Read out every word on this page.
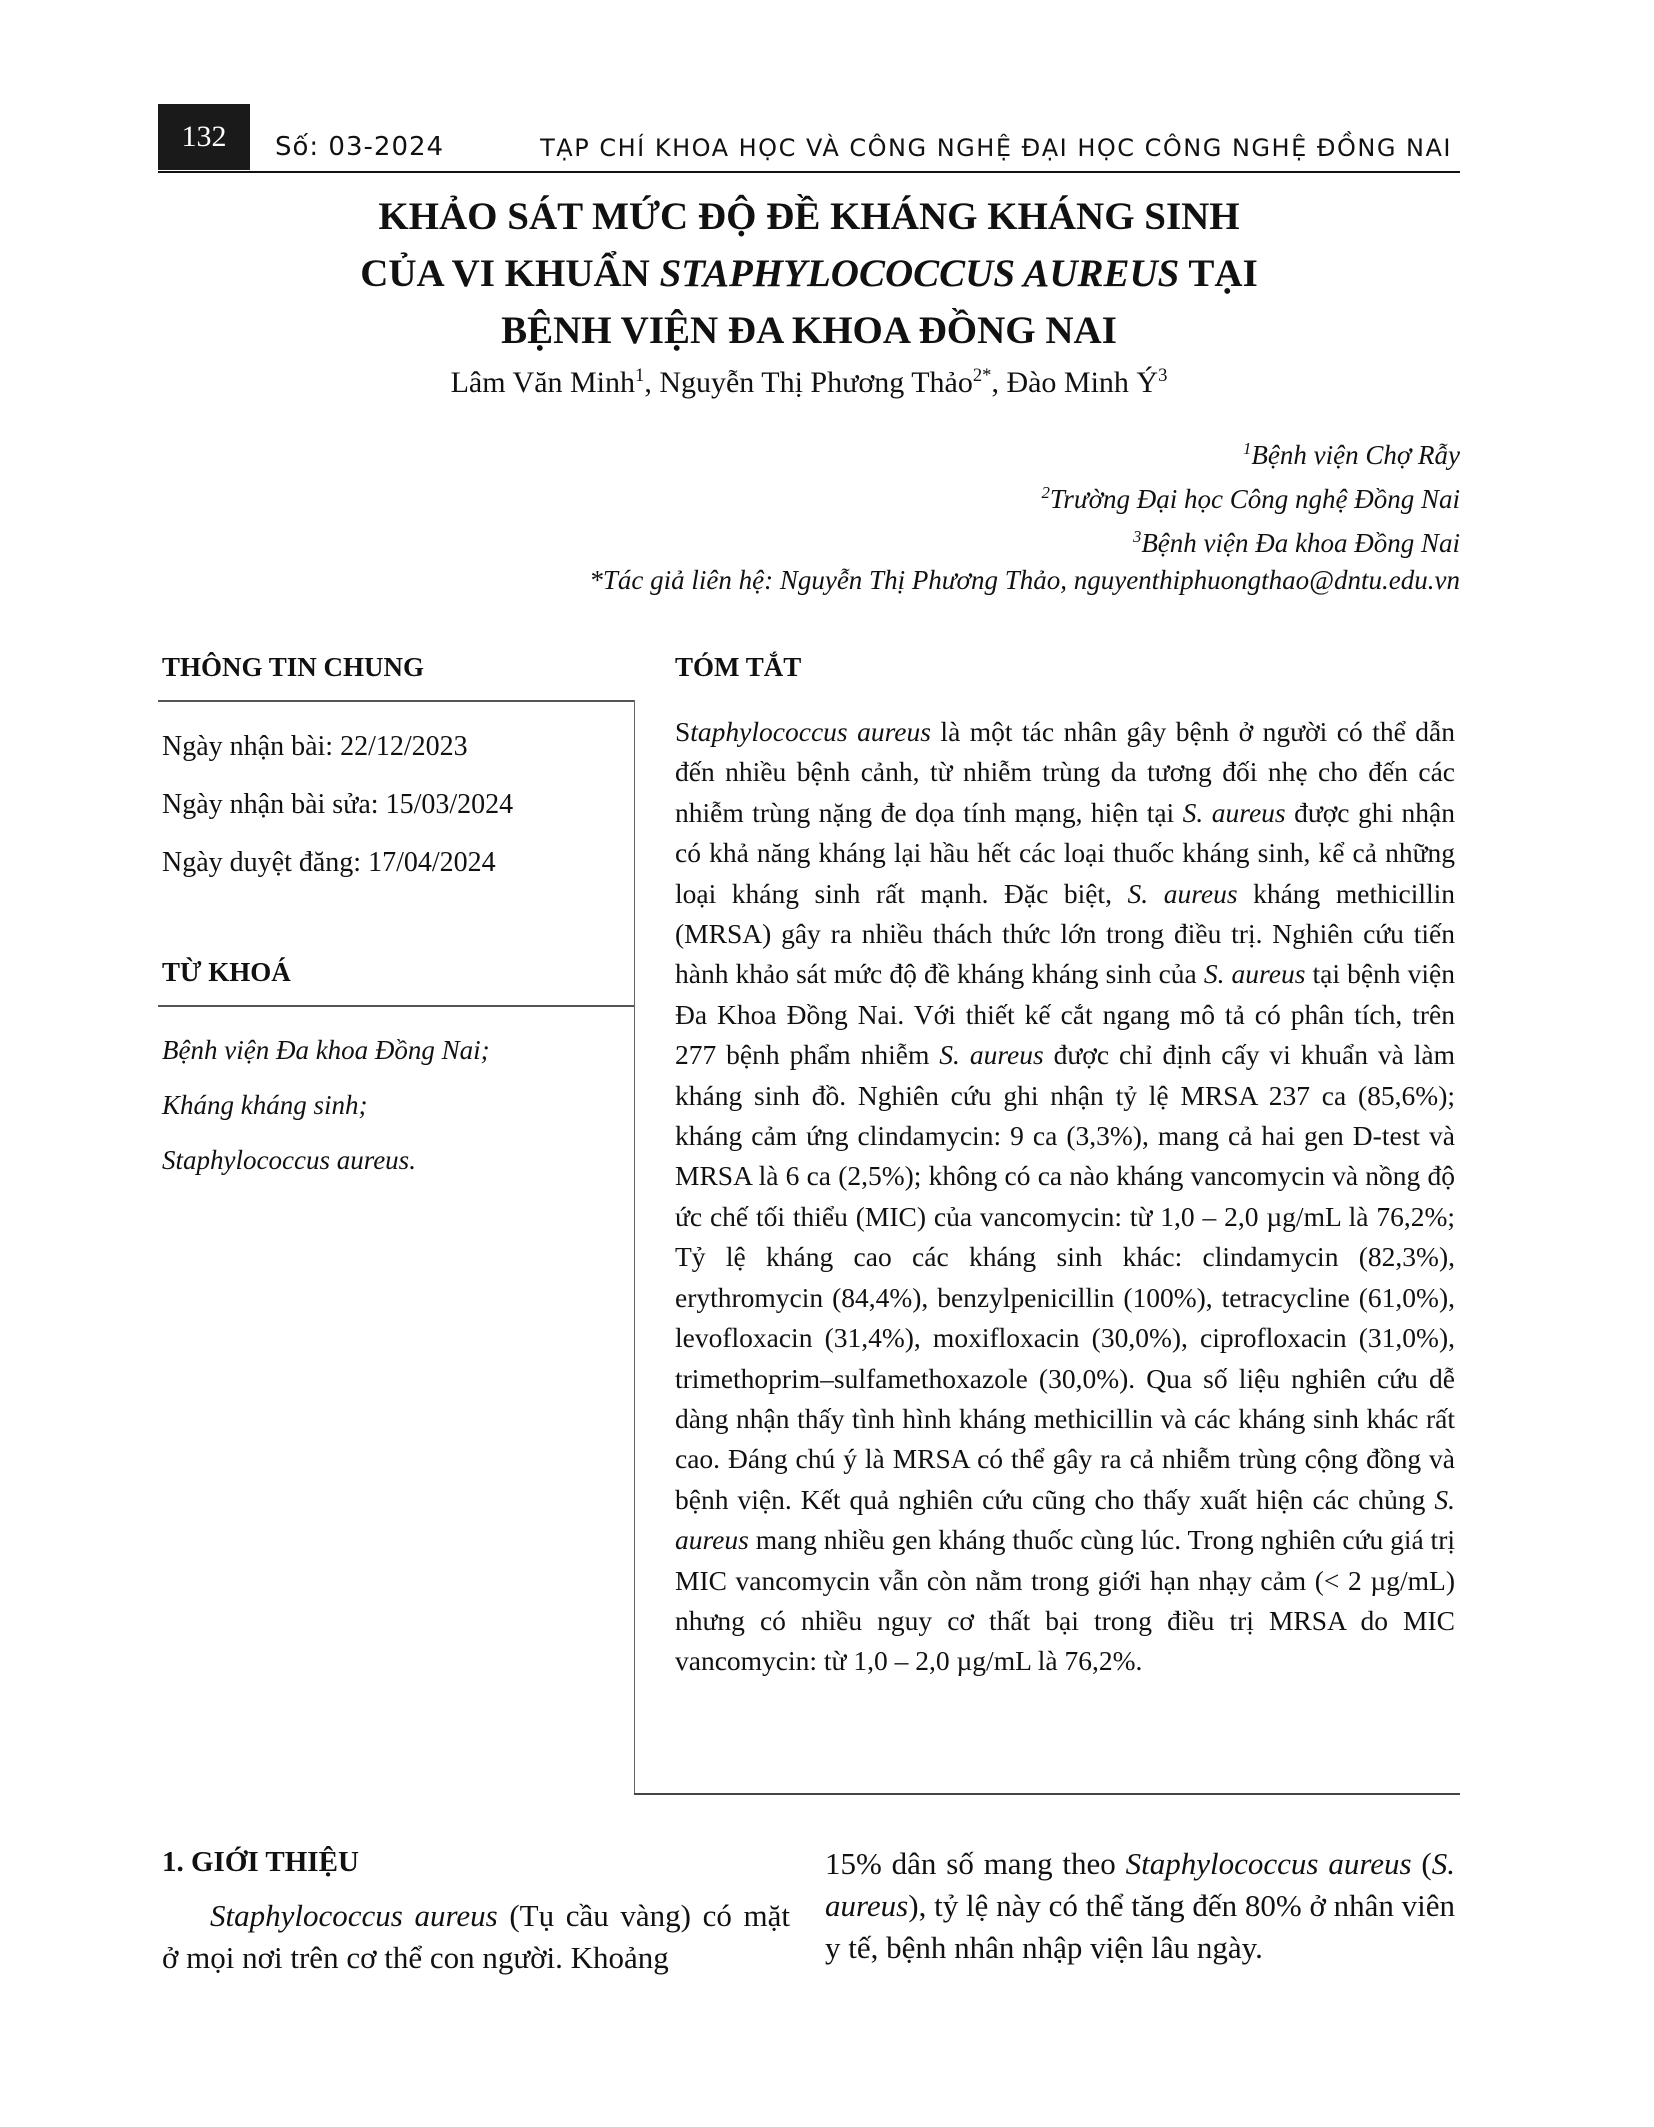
132	Số: 03-2024	TẠP CHÍ KHOA HỌC VÀ CÔNG NGHỆ ĐẠI HỌC CÔNG NGHỆ ĐỒNG NAI
KHẢO SÁT MỨC ĐỘ ĐỀ KHÁNG KHÁNG SINH
CỦA VI KHUẨN STAPHYLOCOCCUS AUREUS TẠI
BỆNH VIỆN ĐA KHOA ĐỒNG NAI
Lâm Văn Minh$^1$, Nguyễn Thị Phương Thảo$^{2*}$, Đào Minh $Ý^3$
$^1$Bệnh viện Chợ Rẫy
$^2$Trường Đại học Công nghệ Đồng Nai
$^3$Bệnh viện Đa khoa Đồng Nai
*Tác giả liên hệ: Nguyễn Thị Phương Thảo, nguyenthiphuongthao@dntu.edu.vn
THÔNG TIN CHUNG
Ngày nhận bài: 22/12/2023
Ngày nhận bài sửa: 15/03/2024
Ngày duyệt đăng: 17/04/2024
TỪ KHOÁ
Bệnh viện Đa khoa Đồng Nai;
Kháng kháng sinh;
Staphylococcus aureus.
TÓM TẮT
Staphylococcus aureus là một tác nhân gây bệnh ở người có thể dẫn đến nhiều bệnh cảnh, từ nhiễm trùng da tương đối nhẹ cho đến các nhiễm trùng nặng đe dọa tính mạng, hiện tại S. aureus được ghi nhận có khả năng kháng lại hầu hết các loại thuốc kháng sinh, kể cả những loại kháng sinh rất mạnh. Đặc biệt, S. aureus kháng methicillin (MRSA) gây ra nhiều thách thức lớn trong điều trị. Nghiên cứu tiến hành khảo sát mức độ đề kháng kháng sinh của S. aureus tại bệnh viện Đa Khoa Đồng Nai. Với thiết kế cắt ngang mô tả có phân tích, trên 277 bệnh phẩm nhiễm S. aureus được chỉ định cấy vi khuẩn và làm kháng sinh đồ. Nghiên cứu ghi nhận tỷ lệ MRSA 237 ca (85,6%); kháng cảm ứng clindamycin: 9 ca (3,3%), mang cả hai gen D-test và MRSA là 6 ca (2,5%); không có ca nào kháng vancomycin và nồng độ ức chế tối thiểu (MIC) của vancomycin: từ 1,0 – 2,0 µg/mL là 76,2%; Tỷ lệ kháng cao các kháng sinh khác: clindamycin (82,3%), erythromycin (84,4%), benzylpenicillin (100%), tetracycline (61,0%), levofloxacin (31,4%), moxifloxacin (30,0%), ciprofloxacin (31,0%), trimethoprim–sulfamethoxazole (30,0%). Qua số liệu nghiên cứu dễ dàng nhận thấy tình hình kháng methicillin và các kháng sinh khác rất cao. Đáng chú ý là MRSA có thể gây ra cả nhiễm trùng cộng đồng và bệnh viện. Kết quả nghiên cứu cũng cho thấy xuất hiện các chủng S. aureus mang nhiều gen kháng thuốc cùng lúc. Trong nghiên cứu giá trị MIC vancomycin vẫn còn nằm trong giới hạn nhạy cảm (< 2 µg/mL) nhưng có nhiều nguy cơ thất bại trong điều trị MRSA do MIC vancomycin: từ 1,0 – 2,0 µg/mL là 76,2%.
1. GIỚI THIỆU
Staphylococcus aureus (Tụ cầu vàng) có mặt ở mọi nơi trên cơ thể con người. Khoảng
15% dân số mang theo Staphylococcus aureus (S. aureus), tỷ lệ này có thể tăng đến 80% ở nhân viên y tế, bệnh nhân nhập viện lâu ngày.
